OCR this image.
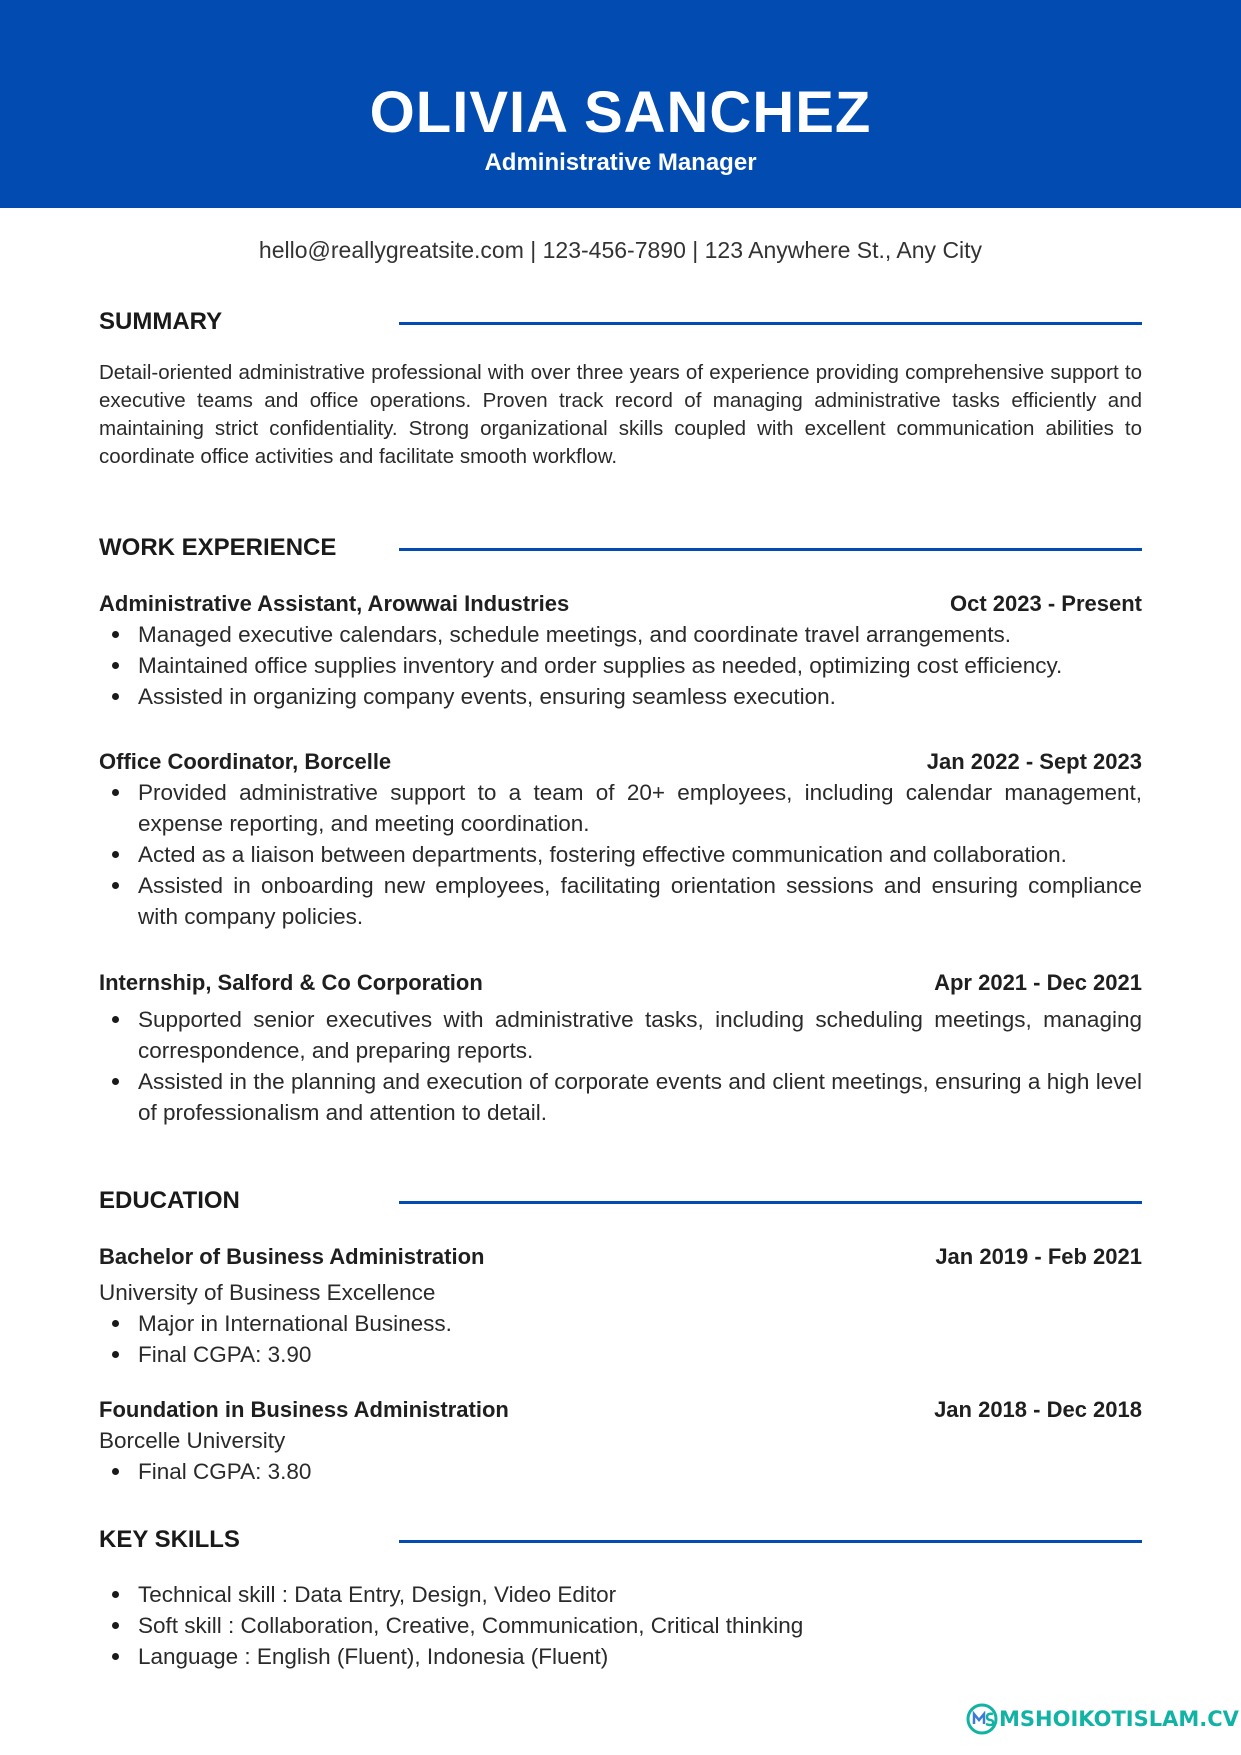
OLIVIA SANCHEZ
Administrative Manager
hello@reallygreatsite.com | 123-456-7890 | 123 Anywhere St., Any City
SUMMARY
Detail-oriented administrative professional with over three years of experience providing comprehensive support to executive teams and office operations. Proven track record of managing administrative tasks efficiently and maintaining strict confidentiality. Strong organizational skills coupled with excellent communication abilities to coordinate office activities and facilitate smooth workflow.
WORK EXPERIENCE
Administrative Assistant, Arowwai Industries	Oct 2023 - Present
Managed executive calendars, schedule meetings, and coordinate travel arrangements.
Maintained office supplies inventory and order supplies as needed, optimizing cost efficiency.
Assisted in organizing company events, ensuring seamless execution.
Office Coordinator, Borcelle	Jan 2022 - Sept 2023
Provided administrative support to a team of 20+ employees, including calendar management, expense reporting, and meeting coordination.
Acted as a liaison between departments, fostering effective communication and collaboration.
Assisted in onboarding new employees, facilitating orientation sessions and ensuring compliance with company policies.
Internship, Salford & Co Corporation	Apr 2021 - Dec 2021
Supported senior executives with administrative tasks, including scheduling meetings, managing correspondence, and preparing reports.
Assisted in the planning and execution of corporate events and client meetings, ensuring a high level of professionalism and attention to detail.
EDUCATION
Bachelor of Business Administration	Jan 2019 - Feb 2021
University of Business Excellence
Major in International Business.
Final CGPA: 3.90
Foundation in Business Administration	Jan 2018 - Dec 2018
Borcelle University
Final CGPA: 3.80
KEY SKILLS
Technical skill : Data Entry, Design, Video Editor
Soft skill : Collaboration, Creative, Communication, Critical thinking
Language : English (Fluent), Indonesia (Fluent)
MSHOIKOTISLAM.CV
